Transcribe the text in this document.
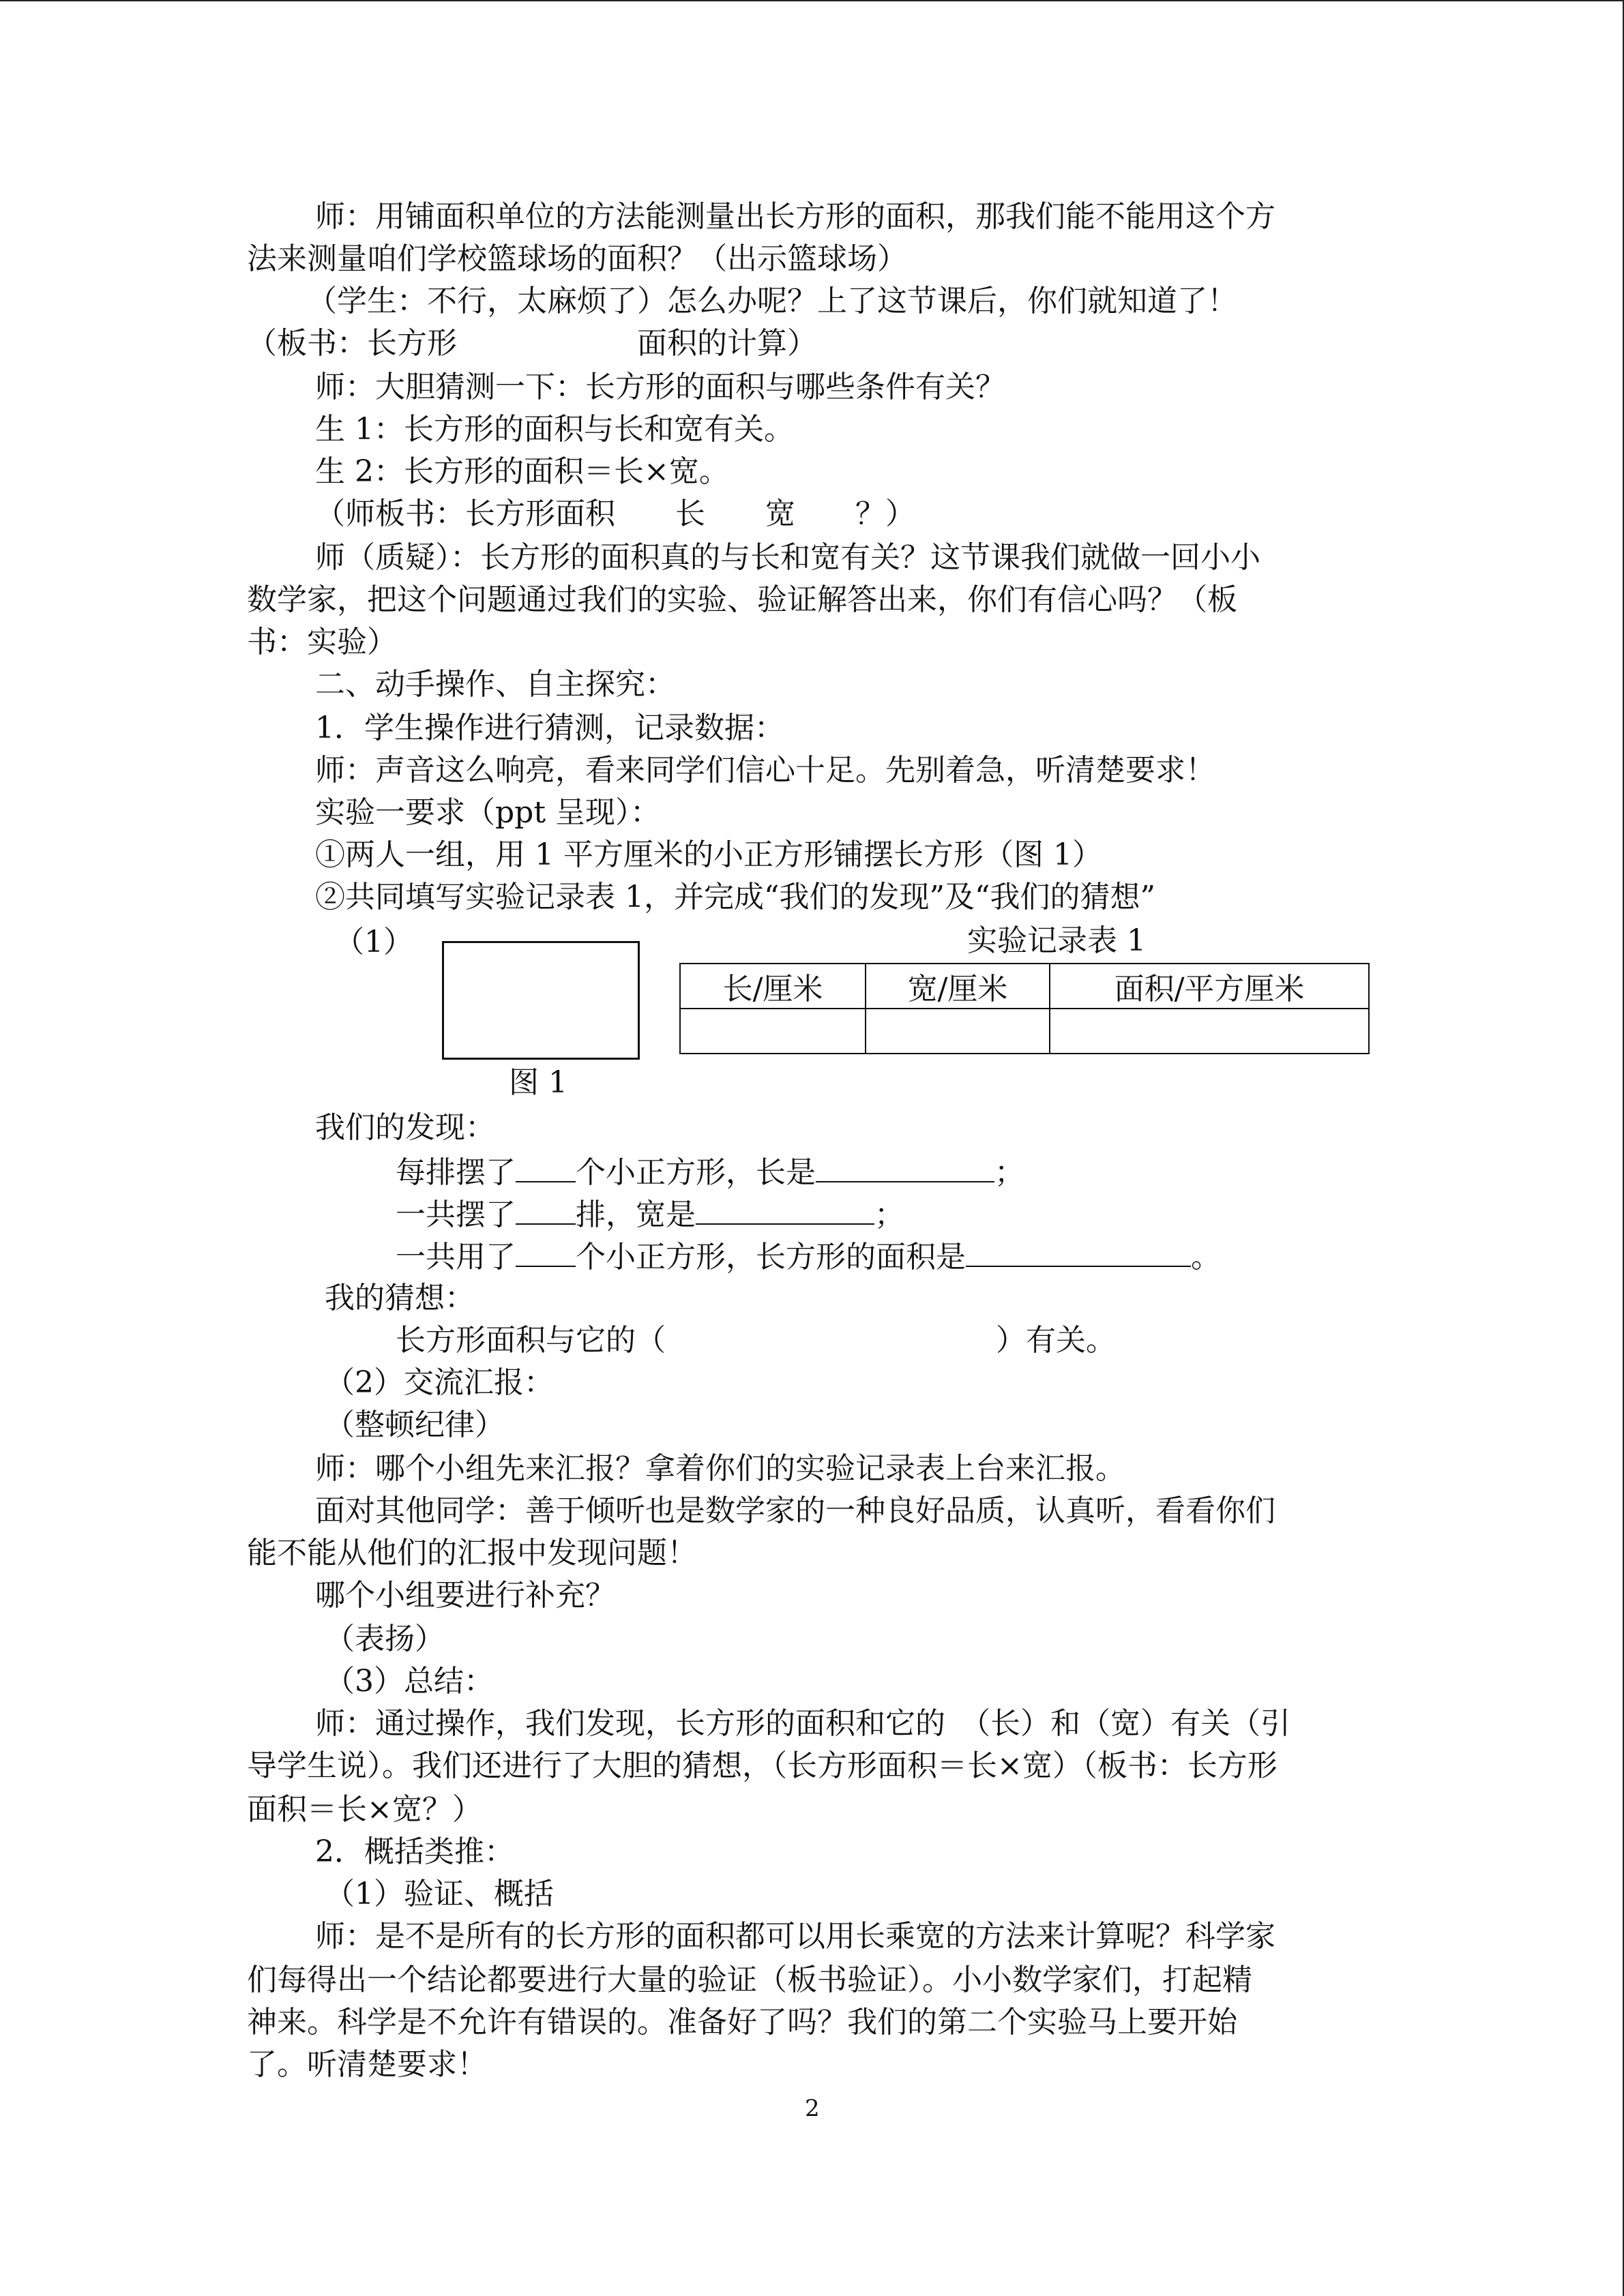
师：用铺面积单位的方法能测量出长方形的面积，那我们能不能用这个方
法来测量咱们学校篮球场的面积？（出示篮球场）
（学生：不行，太麻烦了）怎么办呢？上了这节课后，你们就知道了！
（板书：长方形　　　　　　面积的计算）
师：大胆猜测一下：长方形的面积与哪些条件有关？
生 1：长方形的面积与长和宽有关。
生 2：长方形的面积＝长×宽。
（师板书：长方形面积　　长　　宽　　？）
师（质疑）：长方形的面积真的与长和宽有关？这节课我们就做一回小小
数学家，把这个问题通过我们的实验、验证解答出来，你们有信心吗？（板
书：实验）
二、动手操作、自主探究：
1．学生操作进行猜测，记录数据：
师：声音这么响亮，看来同学们信心十足。先别着急，听清楚要求！
实验一要求（ppt 呈现）：
①两人一组，用 1 平方厘米的小正方形铺摆长方形（图 1）
②共同填写实验记录表 1，并完成“我们的发现”及“我们的猜想”
（1）
图 1
实验记录表 1
长/厘米	宽/厘米	面积/平方厘米

我们的发现：
每排摆了 个小正方形，长是	；
一共摆了 排，宽是	；
一共用了 个小正方形，长方形的面积是	。
我的猜想：
长方形面积与它的（	）有关。
（2）交流汇报：
（整顿纪律）
师：哪个小组先来汇报？拿着你们的实验记录表上台来汇报。
面对其他同学：善于倾听也是数学家的一种良好品质，认真听，看看你们
能不能从他们的汇报中发现问题！
哪个小组要进行补充？
（表扬）
（3）总结：
师：通过操作，我们发现，长方形的面积和它的　（长）和（宽）有关（引
导学生说）。我们还进行了大胆的猜想，（长方形面积＝长×宽）（板书：长方形
面积＝长×宽？）
2．概括类推：
（1）验证、概括
师：是不是所有的长方形的面积都可以用长乘宽的方法来计算呢？科学家
们每得出一个结论都要进行大量的验证（板书验证）。小小数学家们，打起精
神来。科学是不允许有错误的。准备好了吗？我们的第二个实验马上要开始
了。听清楚要求！
2
